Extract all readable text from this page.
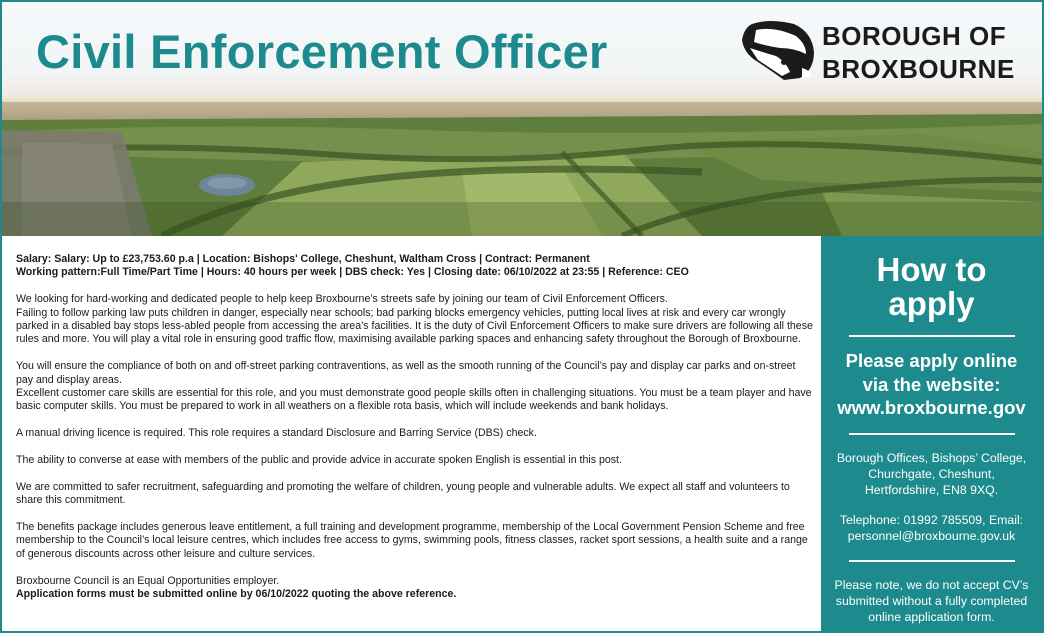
Civil Enforcement Officer	BOROUGH OF
BROXBOURNE

Salary: Salary: Up to £23,753.60 p.a | Location: Bishops' College, Cheshunt, Waltham Cross | Contract: Permanent
Working pattern:Full Time/Part Time | Hours: 40 hours per week | DBS check: Yes | Closing date: 06/10/2022 at 23:55 | Reference: CEO

We looking for hard-working and dedicated people to help keep Broxbourne’s streets safe by joining our team of Civil Enforcement Officers.
Failing to follow parking law puts children in danger, especially near schools; bad parking blocks emergency vehicles, putting local lives at risk and every car wrongly parked in a disabled bay stops less-abled people from accessing the area’s facilities. It is the duty of Civil Enforcement Officers to make sure drivers are following all these rules and more. You will play a vital role in ensuring good traffic flow, maximising available parking spaces and enhancing safety throughout the Borough of Broxbourne.

You will ensure the compliance of both on and off-street parking contraventions, as well as the smooth running of the Council’s pay and display car parks and on-street pay and display areas.
Excellent customer care skills are essential for this role, and you must demonstrate good people skills often in challenging situations. You must be a team player and have basic computer skills. You must be prepared to work in all weathers on a flexible rota basis, which will include weekends and bank holidays.

A manual driving licence is required. This role requires a standard Disclosure and Barring Service (DBS) check.

The ability to converse at ease with members of the public and provide advice in accurate spoken English is essential in this post.

We are committed to safer recruitment, safeguarding and promoting the welfare of children, young people and vulnerable adults. We expect all staff and volunteers to share this commitment.

The benefits package includes generous leave entitlement, a full training and development programme, membership of the Local Government Pension Scheme and free membership to the Council’s local leisure centres, which includes free access to gyms, swimming pools, fitness classes, racket sport sessions, a health suite and a range of generous discounts across other leisure and culture services.

Broxbourne Council is an Equal Opportunities employer.
Application forms must be submitted online by 06/10/2022 quoting the above reference.

How to apply
Please apply online
via the website:
www.broxbourne.gov
Borough Offices, Bishops’ College, Churchgate, Cheshunt, Hertfordshire, EN8 9XQ.
Telephone: 01992 785509, Email: personnel@broxbourne.gov.uk
Please note, we do not accept CV’s submitted without a fully completed online application form.
